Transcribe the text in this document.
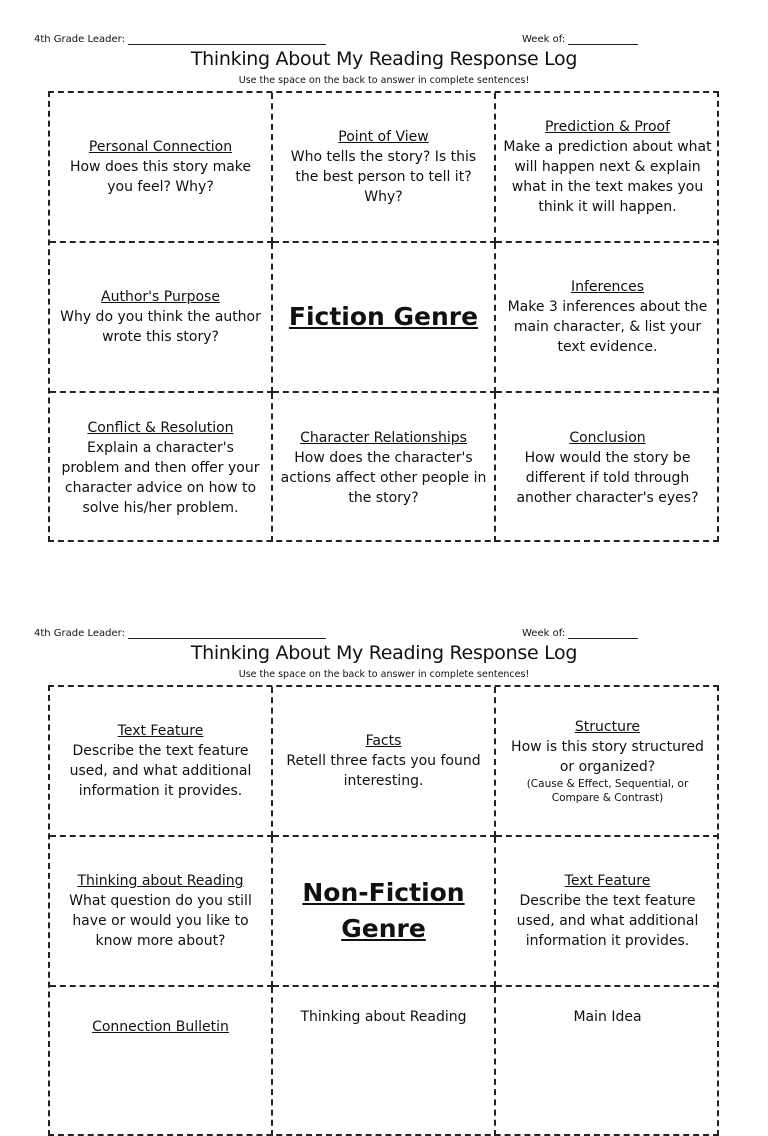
4th Grade Leader:	Week of:
Thinking About My Reading Response Log
Use the space on the back to answer in complete sentences!
Personal Connection
How does this story make you feel? Why?
Point of View
Who tells the story? Is this the best person to tell it? Why?
Prediction & Proof
Make a prediction about what will happen next & explain what in the text makes you think it will happen.
Author's Purpose
Why do you think the author wrote this story?
Fiction Genre
Inferences
Make 3 inferences about the main character, & list your text evidence.
Conflict & Resolution
Explain a character's problem and then offer your character advice on how to solve his/her problem.
Character Relationships
How does the character's actions affect other people in the story?
Conclusion
How would the story be different if told through another character's eyes?
4th Grade Leader:	Week of:
Thinking About My Reading Response Log
Use the space on the back to answer in complete sentences!
Text Feature
Describe the text feature used, and what additional information it provides.
Facts
Retell three facts you found interesting.
Structure
How is this story structured or organized?
(Cause & Effect, Sequential, or Compare & Contrast)
Thinking about Reading
What question do you still have or would you like to know more about?
Non-Fiction Genre
Text Feature
Describe the text feature used, and what additional information it provides.
Connection Bulletin
Thinking about Reading	Main Idea
